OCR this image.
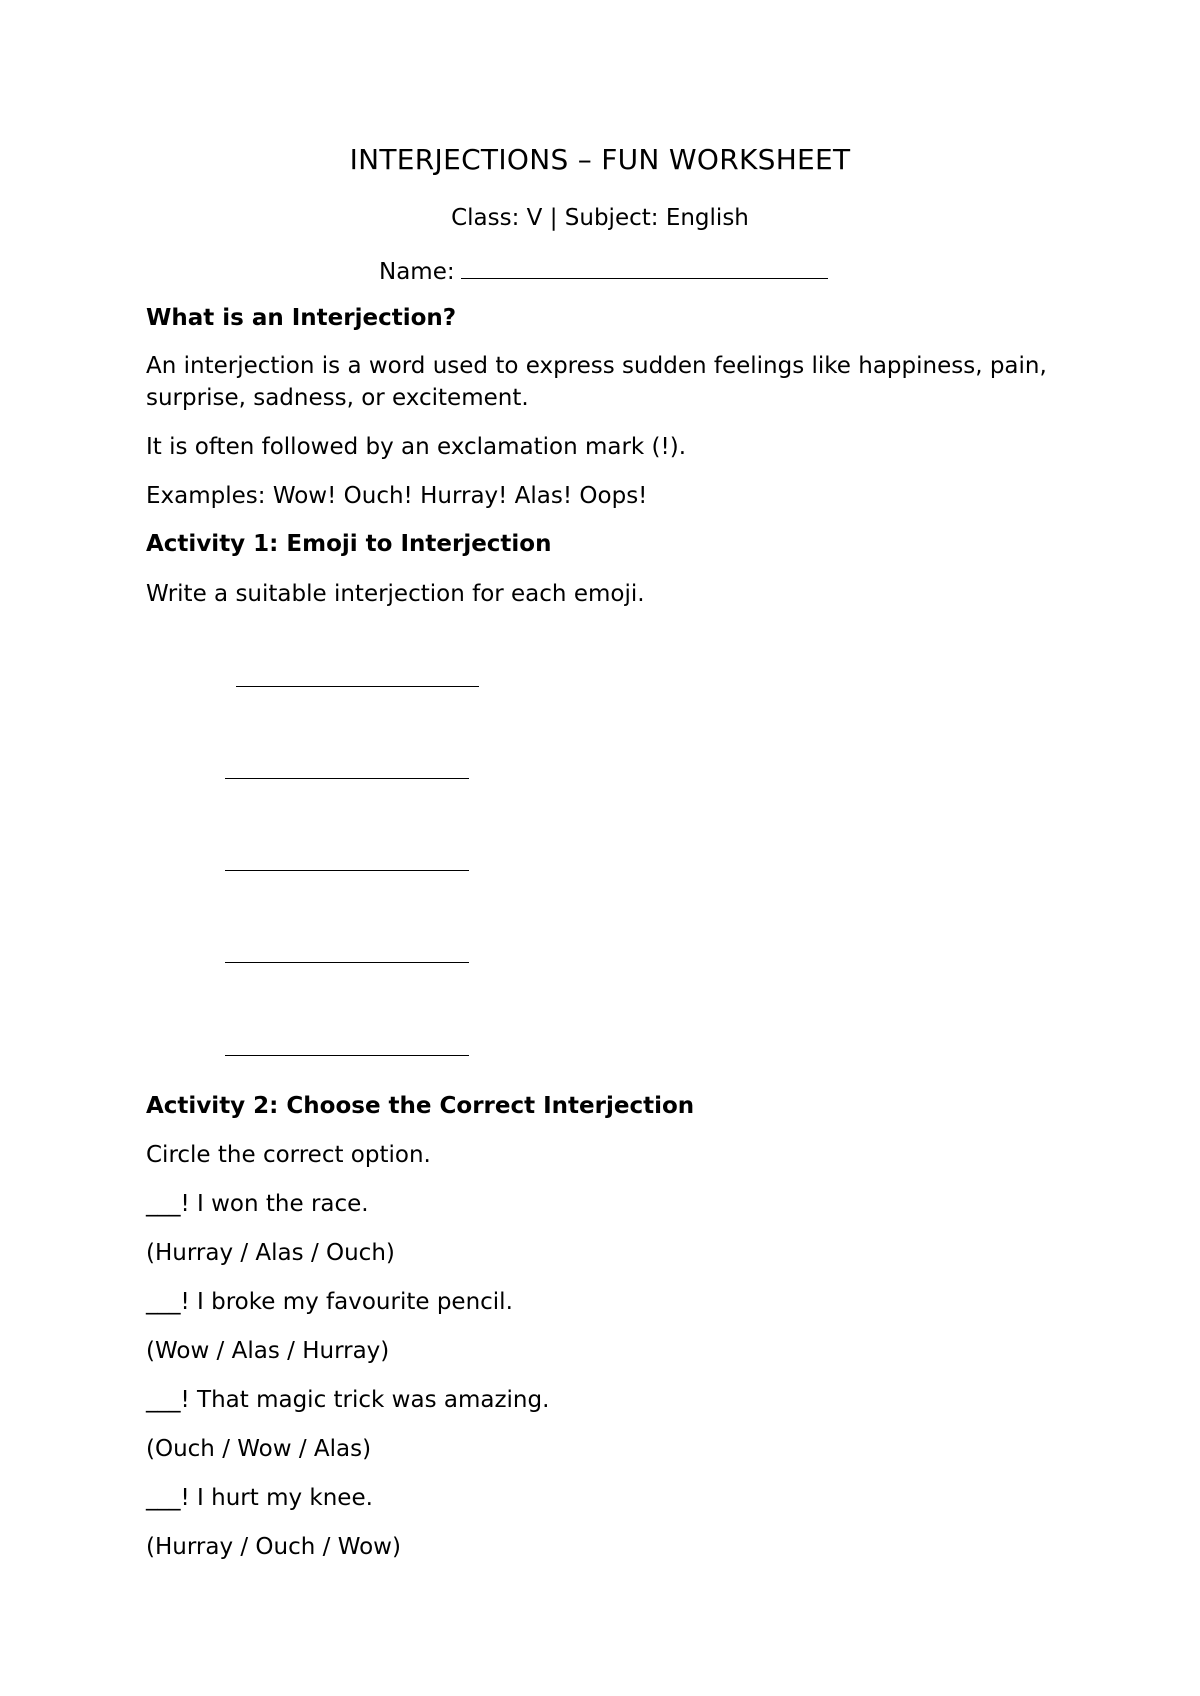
INTERJECTIONS – FUN WORKSHEET
Class: V | Subject: English
Name:
What is an Interjection?
An interjection is a word used to express sudden feelings like happiness, pain, surprise, sadness, or excitement.
It is often followed by an exclamation mark (!).
Examples: Wow! Ouch! Hurray! Alas! Oops!
Activity 1: Emoji to Interjection
Write a suitable interjection for each emoji.
Activity 2: Choose the Correct Interjection
Circle the correct option.
___! I won the race.
(Hurray / Alas / Ouch)
___! I broke my favourite pencil.
(Wow / Alas / Hurray)
___! That magic trick was amazing.
(Ouch / Wow / Alas)
___! I hurt my knee.
(Hurray / Ouch / Wow)
